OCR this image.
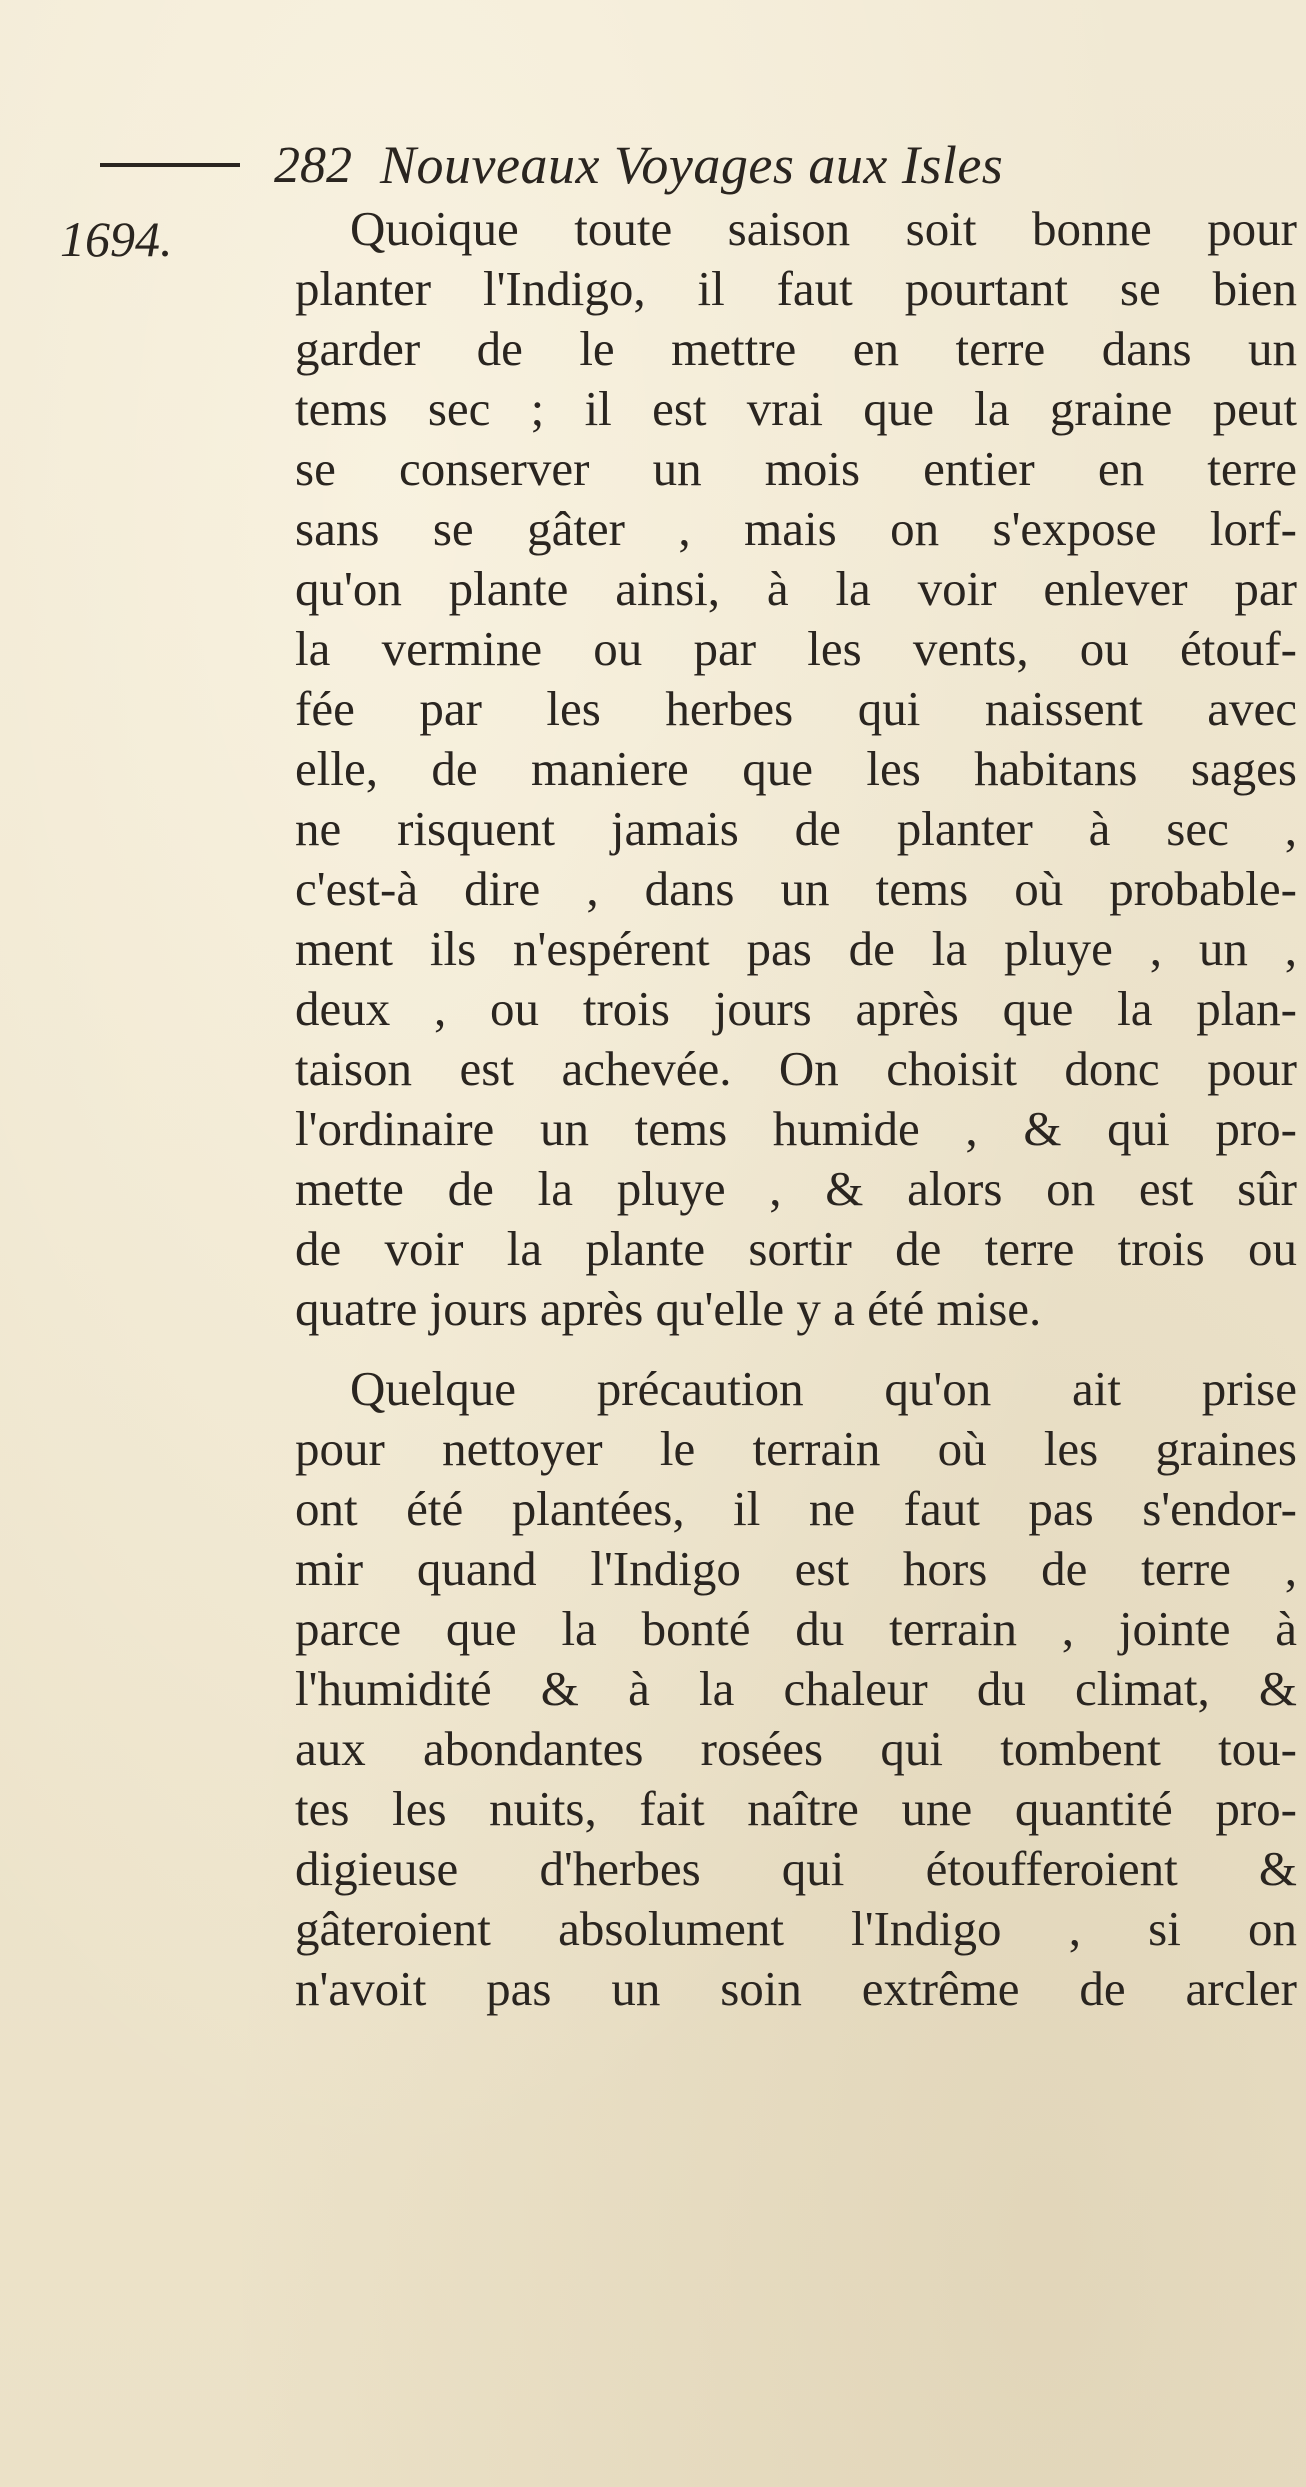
282 Nouveaux Voyages aux Isles
1694.	Quoique toute saison soit bonne pour
planter l'Indigo, il faut pourtant se bien
garder de le mettre en terre dans un
tems sec ; il est vrai que la graine peut
se conserver un mois entier en terre
sans se gâter , mais on s'expose lorf-
qu'on plante ainsi, à la voir enlever par
la vermine ou par les vents, ou étouf-
fée par les herbes qui naissent avec
elle, de maniere que les habitans sages
ne risquent jamais de planter à sec ,
c'est-à dire , dans un tems où probable-
ment ils n'espérent pas de la pluye , un ,
deux , ou trois jours après que la plan-
taison est achevée. On choisit donc pour
l'ordinaire un tems humide , & qui pro-
mette de la pluye , & alors on est sûr
de voir la plante sortir de terre trois ou
quatre jours après qu'elle y a été mise.
Quelque précaution qu'on ait prise
pour nettoyer le terrain où les graines
ont été plantées, il ne faut pas s'endor-
mir quand l'Indigo est hors de terre ,
parce que la bonté du terrain , jointe à
l'humidité & à la chaleur du climat, &
aux abondantes rosées qui tombent tou-
tes les nuits, fait naître une quantité pro-
digieuse d'herbes qui étoufferoient &
gâteroient absolument l'Indigo , si on
n'avoit pas un soin extrême de arcler
